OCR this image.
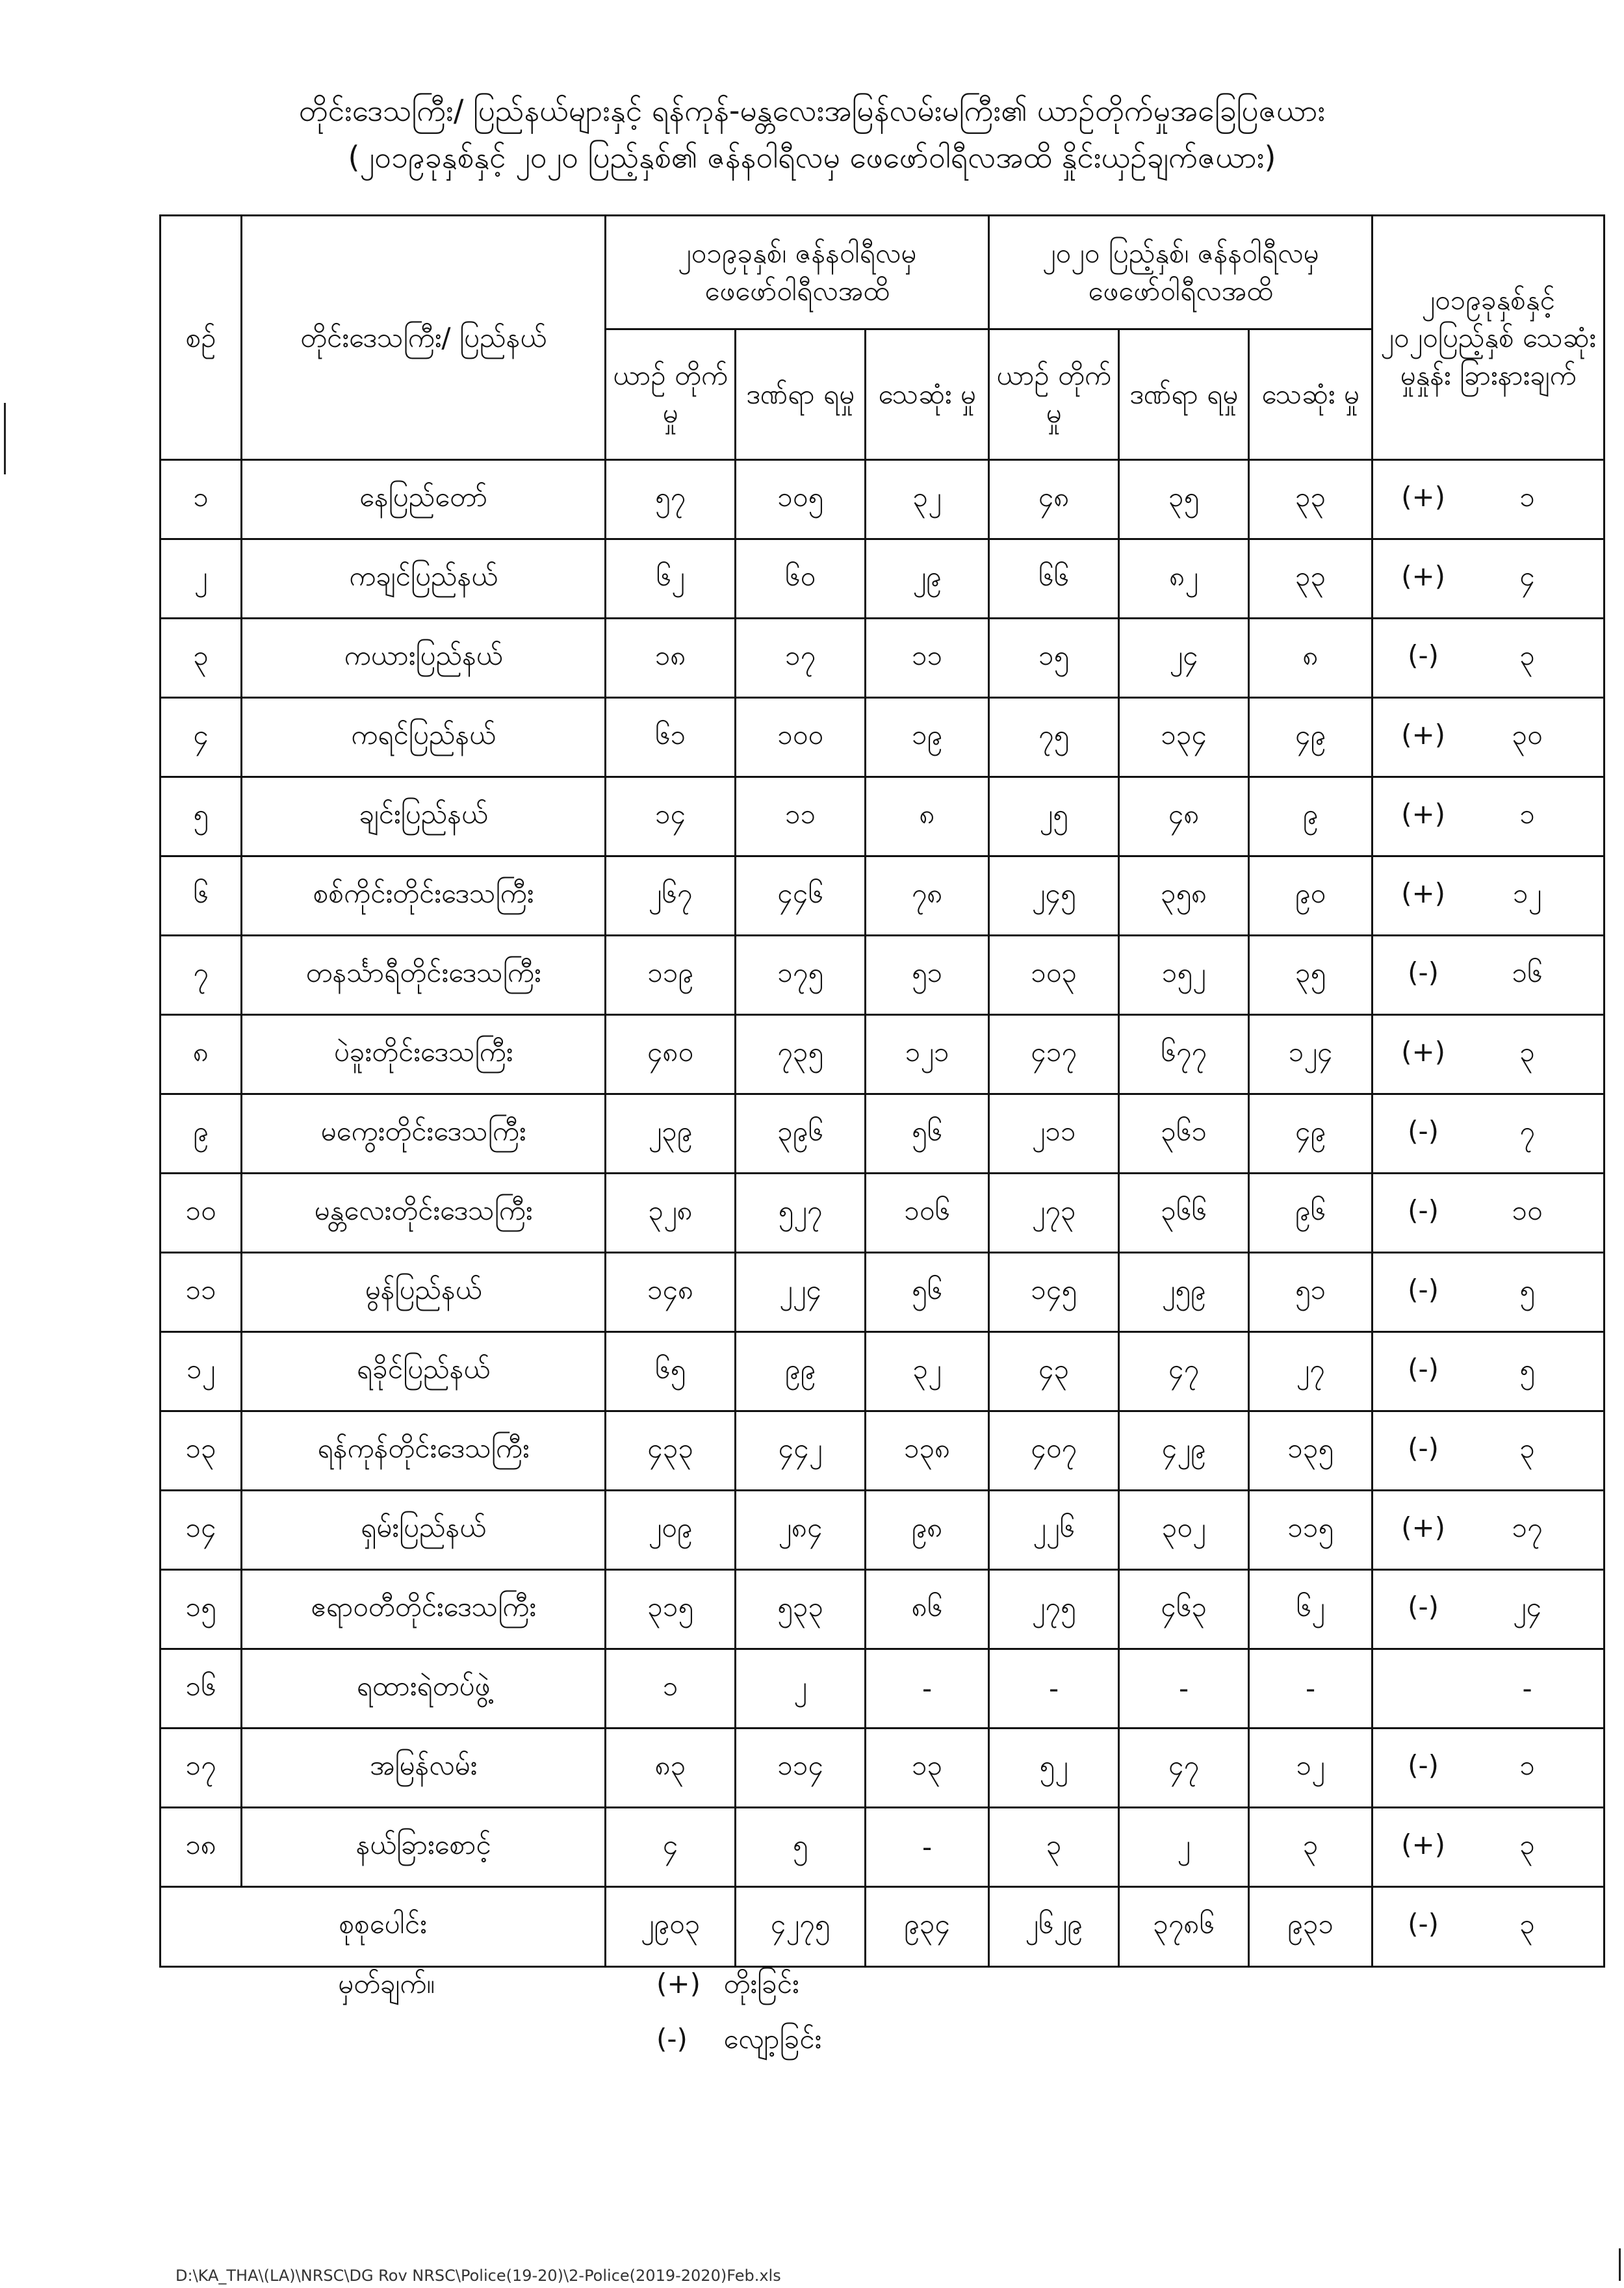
တိုင်းဒေသကြီး/ ပြည်နယ်များနှင့် ရန်ကုန်-မန္တလေးအမြန်လမ်းမကြီး၏ ယာဉ်တိုက်မှုအခြေပြဇယား
(၂၀၁၉ခုနှစ်နှင့် ၂၀၂၀ ပြည့်နှစ်၏ ဇန်နဝါရီလမှ ဖေဖော်ဝါရီလအထိ နှိုင်းယှဉ်ချက်ဇယား)
စဉ်	တိုင်းဒေသကြီး/ ပြည်နယ်	၂၀၁၉ခုနှစ်၊ ဇန်နဝါရီလမှ ဖေဖော်ဝါရီလအထိ			၂၀၂၀ ပြည့်နှစ်၊ ဇန်နဝါရီလမှ ဖေဖော်ဝါရီလအထိ			၂၀၁၉ခုနှစ်နှင့် ၂၀၂၀ပြည့်နှစ် သေဆုံးမှုနှုန်း ခြားနားချက်
		ယာဉ် တိုက်မှု	ဒဏ်ရာ ရမှု	သေဆုံး မှု	ယာဉ် တိုက်မှု	ဒဏ်ရာ ရမှု	သေဆုံး မှု	
၁	နေပြည်တော်	၅၇	၁၀၅	၃၂	၄၈	၃၅	၃၃	(+) ၁
၂	ကချင်ပြည်နယ်	၆၂	၆၀	၂၉	၆၆	၈၂	၃၃	(+) ၄
၃	ကယားပြည်နယ်	၁၈	၁၇	၁၁	၁၅	၂၄	၈	(-) ၃
၄	ကရင်ပြည်နယ်	၆၁	၁၀၀	၁၉	၇၅	၁၃၄	၄၉	(+) ၃၀
၅	ချင်းပြည်နယ်	၁၄	၁၁	၈	၂၅	၄၈	၉	(+) ၁
၆	စစ်ကိုင်းတိုင်းဒေသကြီး	၂၆၇	၄၄၆	၇၈	၂၄၅	၃၅၈	၉၀	(+) ၁၂
၇	တနင်္သာရီတိုင်းဒေသကြီး	၁၁၉	၁၇၅	၅၁	၁၀၃	၁၅၂	၃၅	(-) ၁၆
၈	ပဲခူးတိုင်းဒေသကြီး	၄၈၀	၇၃၅	၁၂၁	၄၁၇	၆၇၇	၁၂၄	(+) ၃
၉	မကွေးတိုင်းဒေသကြီး	၂၃၉	၃၉၆	၅၆	၂၁၁	၃၆၁	၄၉	(-) ၇
၁၀	မန္တလေးတိုင်းဒေသကြီး	၃၂၈	၅၂၇	၁၀၆	၂၇၃	၃၆၆	၉၆	(-) ၁၀
၁၁	မွန်ပြည်နယ်	၁၄၈	၂၂၄	၅၆	၁၄၅	၂၅၉	၅၁	(-) ၅
၁၂	ရခိုင်ပြည်နယ်	၆၅	၉၉	၃၂	၄၃	၄၇	၂၇	(-) ၅
၁၃	ရန်ကုန်တိုင်းဒေသကြီး	၄၃၃	၄၄၂	၁၃၈	၄၀၇	၄၂၉	၁၃၅	(-) ၃
၁၄	ရှမ်းပြည်နယ်	၂၀၉	၂၈၄	၉၈	၂၂၆	၃၀၂	၁၁၅	(+) ၁၇
၁၅	ဧရာဝတီတိုင်းဒေသကြီး	၃၁၅	၅၃၃	၈၆	၂၇၅	၄၆၃	၆၂	(-) ၂၄
၁၆	ရထားရဲတပ်ဖွဲ့	၁	၂	-	-	-	-	-
၁၇	အမြန်လမ်း	၈၃	၁၁၄	၁၃	၅၂	၄၇	၁၂	(-) ၁
၁၈	နယ်ခြားစောင့်	၄	၅	-	၃	၂	၃	(+) ၃
စုစုပေါင်း		၂၉၀၃	၄၂၇၅	၉၃၄	၂၆၂၉	၃၇၈၆	၉၃၁	(-) ၃
မှတ်ချက်။	(+) တိုးခြင်း
(-) လျော့ခြင်း
D:\KA_THA\(LA)\NRSC\DG Rov NRSC\Police(19-20)\2-Police(2019-2020)Feb.xls
